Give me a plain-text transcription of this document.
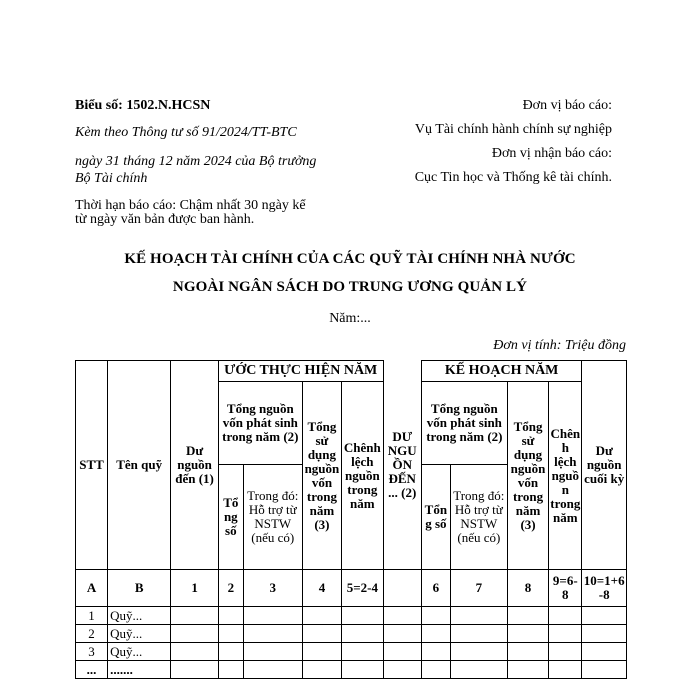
Biểu số: 1502.N.HCSN

Kèm theo Thông tư số 91/2024/TT-BTC

ngày 31 tháng 12 năm 2024 của Bộ trưởng

Bộ Tài chính

Thời hạn báo cáo: Chậm nhất 30 ngày kể

từ ngày văn bản được ban hành.

Đơn vị báo cáo:

Vụ Tài chính hành chính sự nghiệp

Đơn vị nhận báo cáo:

Cục Tin học và Thống kê tài chính.

KẾ HOẠCH TÀI CHÍNH CỦA CÁC QUỸ TÀI CHÍNH NHÀ NƯỚC

NGOÀI NGÂN SÁCH DO TRUNG ƯƠNG QUẢN LÝ

Năm:...

Đơn vị tính: Triệu đồng

STT	Tên quỹ	Dư nguồn đến (1)	ƯỚC THỰC HIỆN NĂM				DƯ NGUỒN ĐẾN ... (2)	KẾ HOẠCH NĂM				Dư nguồn cuối kỳ
			Tổng nguồn vốn phát sinh trong năm (2)		Tổng sử dụng nguồn vốn trong năm (3)	Chênh lệch nguồn trong năm		Tổng nguồn vốn phát sinh trong năm (2)		Tổng sử dụng nguồn vốn trong năm (3)	Chênh lệch nguồn trong năm	

			Tổng số	Trong đó: Hỗ trợ từ NSTW (nếu có)				Tổng số	Trong đó: Hỗ trợ từ NSTW (nếu có)			
A	B	1	2	3	4	5=2-4		6	7	8	9=6-8	10=1+6-8
1	Quỹ...											
2	Quỹ...											
3	Quỹ...											
...	.......											
